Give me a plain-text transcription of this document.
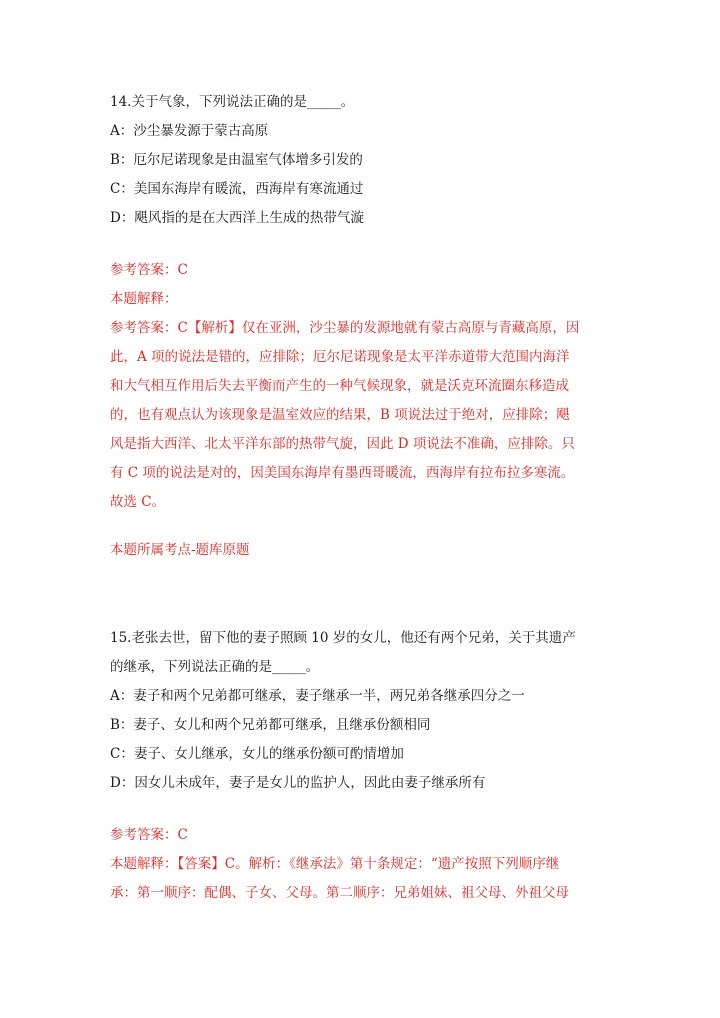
14.关于气象，下列说法正确的是_____。
A：沙尘暴发源于蒙古高原
B：厄尔尼诺现象是由温室气体增多引发的
C：美国东海岸有暖流，西海岸有寒流通过
D：飓风指的是在大西洋上生成的热带气漩
参考答案：C
本题解释：
参考答案：C【解析】仅在亚洲，沙尘暴的发源地就有蒙古高原与青藏高原，因
此，A 项的说法是错的，应排除；厄尔尼诺现象是太平洋赤道带大范围内海洋
和大气相互作用后失去平衡而产生的一种气候现象，就是沃克环流圈东移造成
的，也有观点认为该现象是温室效应的结果，B 项说法过于绝对，应排除；飓
风是指大西洋、北太平洋东部的热带气旋，因此 D 项说法不准确，应排除。只
有 C 项的说法是对的，因美国东海岸有墨西哥暖流，西海岸有拉布拉多寒流。
故选 C。
本题所属考点-题库原题
15.老张去世，留下他的妻子照顾 10 岁的女儿，他还有两个兄弟，关于其遗产
的继承，下列说法正确的是_____。
A：妻子和两个兄弟都可继承，妻子继承一半，两兄弟各继承四分之一
B：妻子、女儿和两个兄弟都可继承，且继承份额相同
C：妻子、女儿继承，女儿的继承份额可酌情增加
D：因女儿未成年，妻子是女儿的监护人，因此由妻子继承所有
参考答案：C
本题解释：【答案】C。解析：《继承法》第十条规定：“遗产按照下列顺序继
承：第一顺序：配偶、子女、父母。第二顺序：兄弟姐妹、祖父母、外祖父母
